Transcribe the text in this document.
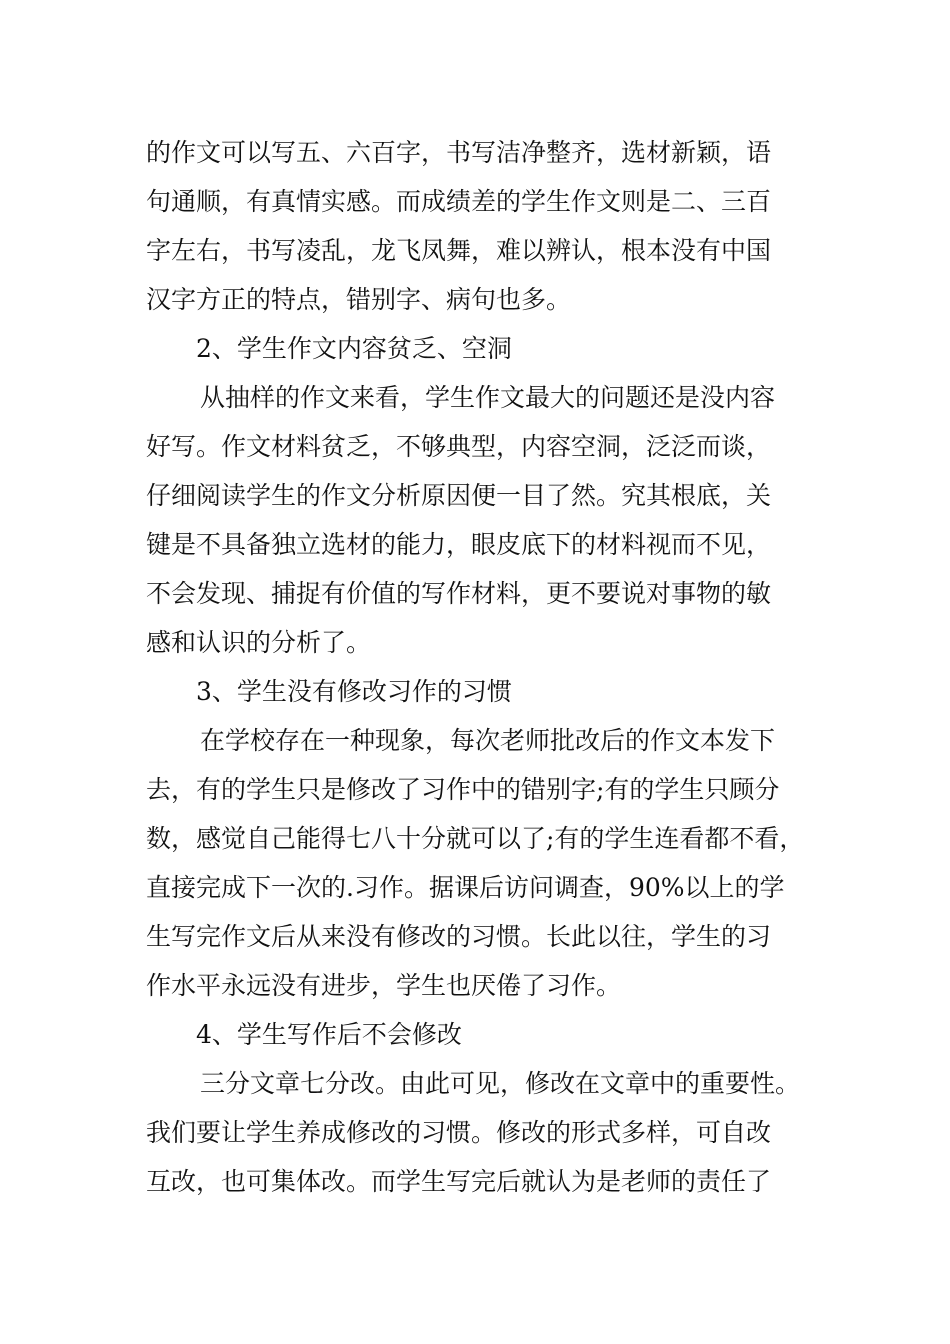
的作文可以写五、六百字，书写洁净整齐，选材新颖，语
句通顺，有真情实感。而成绩差的学生作文则是二、三百
字左右，书写凌乱，龙飞凤舞，难以辨认，根本没有中国
汉字方正的特点，错别字、病句也多。
2、学生作文内容贫乏、空洞
从抽样的作文来看，学生作文最大的问题还是没内容
好写。作文材料贫乏，不够典型，内容空洞，泛泛而谈，
仔细阅读学生的作文分析原因便一目了然。究其根底，关
键是不具备独立选材的能力，眼皮底下的材料视而不见，
不会发现、捕捉有价值的写作材料，更不要说对事物的敏
感和认识的分析了。
3、学生没有修改习作的习惯
在学校存在一种现象，每次老师批改后的作文本发下
去，有的学生只是修改了习作中的错别字;有的学生只顾分
数，感觉自己能得七八十分就可以了;有的学生连看都不看，
直接完成下一次的.习作。据课后访问调查，90%以上的学
生写完作文后从来没有修改的习惯。长此以往，学生的习
作水平永远没有进步，学生也厌倦了习作。
4、学生写作后不会修改
三分文章七分改。由此可见，修改在文章中的重要性。
我们要让学生养成修改的习惯。修改的形式多样，可自改
互改，也可集体改。而学生写完后就认为是老师的责任了
